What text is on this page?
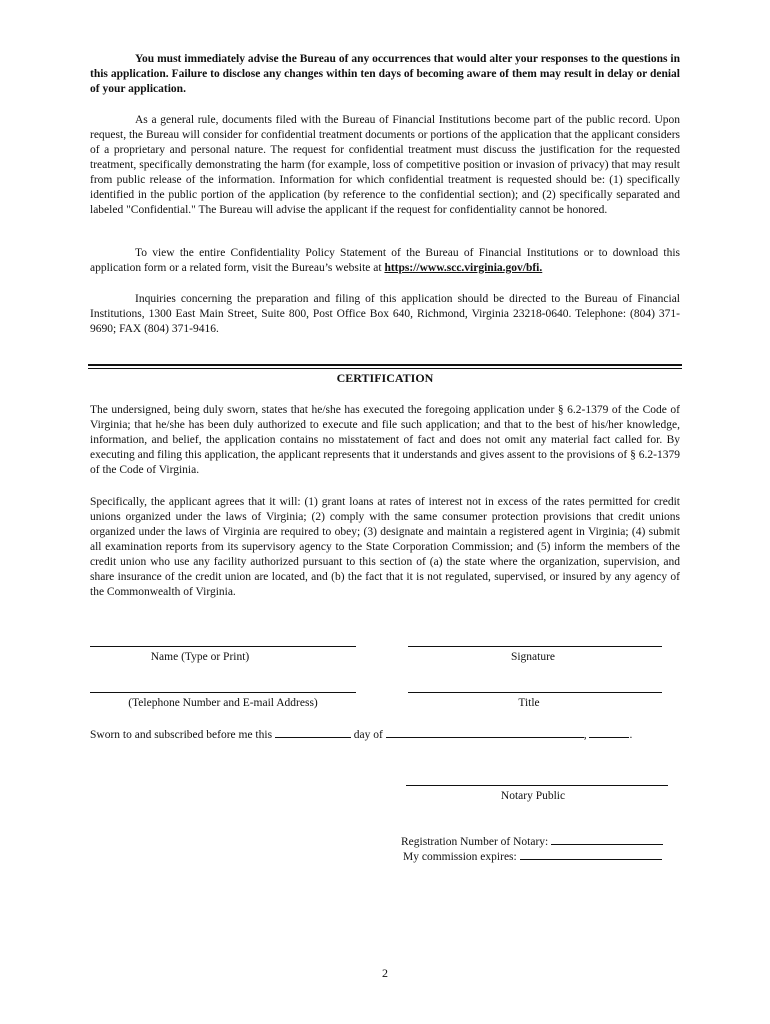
You must immediately advise the Bureau of any occurrences that would alter your responses to the questions in this application. Failure to disclose any changes within ten days of becoming aware of them may result in delay or denial of your application.

As a general rule, documents filed with the Bureau of Financial Institutions become part of the public record. Upon request, the Bureau will consider for confidential treatment documents or portions of the application that the applicant considers of a proprietary and personal nature. The request for confidential treatment must discuss the justification for the requested treatment, specifically demonstrating the harm (for example, loss of competitive position or invasion of privacy) that may result from public release of the information. Information for which confidential treatment is requested should be: (1) specifically identified in the public portion of the application (by reference to the confidential section); and (2) specifically separated and labeled "Confidential." The Bureau will advise the applicant if the request for confidentiality cannot be honored.

To view the entire Confidentiality Policy Statement of the Bureau of Financial Institutions or to download this application form or a related form, visit the Bureau’s website at https://www.scc.virginia.gov/bfi.

Inquiries concerning the preparation and filing of this application should be directed to the Bureau of Financial Institutions, 1300 East Main Street, Suite 800, Post Office Box 640, Richmond, Virginia 23218-0640. Telephone: (804) 371-9690; FAX (804) 371-9416.

CERTIFICATION

The undersigned, being duly sworn, states that he/she has executed the foregoing application under § 6.2-1379 of the Code of Virginia; that he/she has been duly authorized to execute and file such application; and that to the best of his/her knowledge, information, and belief, the application contains no misstatement of fact and does not omit any material fact called for. By executing and filing this application, the applicant represents that it understands and gives assent to the provisions of § 6.2-1379 of the Code of Virginia.

Specifically, the applicant agrees that it will: (1) grant loans at rates of interest not in excess of the rates permitted for credit unions organized under the laws of Virginia; (2) comply with the same consumer protection provisions that credit unions organized under the laws of Virginia are required to obey; (3) designate and maintain a registered agent in Virginia; (4) submit all examination reports from its supervisory agency to the State Corporation Commission; and (5) inform the members of the credit union who use any facility authorized pursuant to this section of (a) the state where the organization, supervision, and share insurance of the credit union are located, and (b) the fact that it is not regulated, supervised, or insured by any agency of the Commonwealth of Virginia.

Name (Type or Print)	Signature
(Telephone Number and E-mail Address)	Title
Sworn to and subscribed before me this	day of	,	.
Notary Public
Registration Number of Notary:
My commission expires:
2
